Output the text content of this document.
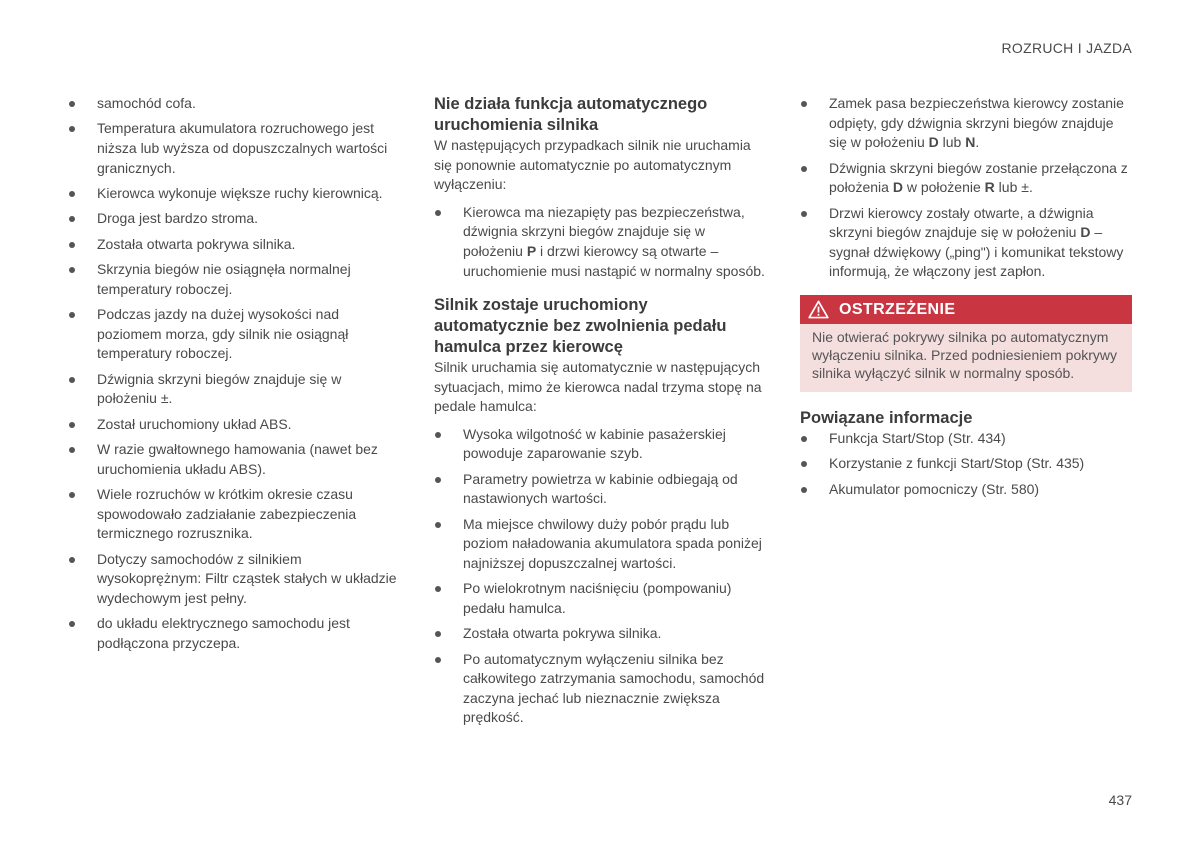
ROZRUCH I JAZDA
samochód cofa.
Temperatura akumulatora rozruchowego jest niższa lub wyższa od dopuszczalnych wartości granicznych.
Kierowca wykonuje większe ruchy kierownicą.
Droga jest bardzo stroma.
Została otwarta pokrywa silnika.
Skrzynia biegów nie osiągnęła normalnej temperatury roboczej.
Podczas jazdy na dużej wysokości nad poziomem morza, gdy silnik nie osiągnął temperatury roboczej.
Dźwignia skrzyni biegów znajduje się w położeniu ±.
Został uruchomiony układ ABS.
W razie gwałtownego hamowania (nawet bez uruchomienia układu ABS).
Wiele rozruchów w krótkim okresie czasu spowodowało zadziałanie zabezpieczenia termicznego rozrusznika.
Dotyczy samochodów z silnikiem wysokoprężnym: Filtr cząstek stałych w układzie wydechowym jest pełny.
do układu elektrycznego samochodu jest podłączona przyczepa.
Nie działa funkcja automatycznego uruchomienia silnika

W następujących przypadkach silnik nie uruchamia się ponownie automatycznie po automatycznym wyłączeniu:

Kierowca ma niezapięty pas bezpieczeństwa, dźwignia skrzyni biegów znajduje się w położeniu P i drzwi kierowcy są otwarte – uruchomienie musi nastąpić w normalny sposób.
Silnik zostaje uruchomiony automatycznie bez zwolnienia pedału hamulca przez kierowcę

Silnik uruchamia się automatycznie w następujących sytuacjach, mimo że kierowca nadal trzyma stopę na pedale hamulca:

Wysoka wilgotność w kabinie pasażerskiej powoduje zaparowanie szyb.
Parametry powietrza w kabinie odbiegają od nastawionych wartości.
Ma miejsce chwilowy duży pobór prądu lub poziom naładowania akumulatora spada poniżej najniższej dopuszczalnej wartości.
Po wielokrotnym naciśnięciu (pompowaniu) pedału hamulca.
Została otwarta pokrywa silnika.
Po automatycznym wyłączeniu silnika bez całkowitego zatrzymania samochodu, samochód zaczyna jechać lub nieznacznie zwiększa prędkość.
Zamek pasa bezpieczeństwa kierowcy zostanie odpięty, gdy dźwignia skrzyni biegów znajduje się w położeniu D lub N.
Dźwignia skrzyni biegów zostanie przełączona z położenia D w położenie R lub ±.
Drzwi kierowcy zostały otwarte, a dźwignia skrzyni biegów znajduje się w położeniu D – sygnał dźwiękowy („ping") i komunikat tekstowy informują, że włączony jest zapłon.
OSTRZEŻENIE
Nie otwierać pokrywy silnika po automatycznym wyłączeniu silnika. Przed podniesieniem pokrywy silnika wyłączyć silnik w normalny sposób.
Powiązane informacje
Funkcja Start/Stop (Str. 434)
Korzystanie z funkcji Start/Stop (Str. 435)
Akumulator pomocniczy (Str. 580)
437
